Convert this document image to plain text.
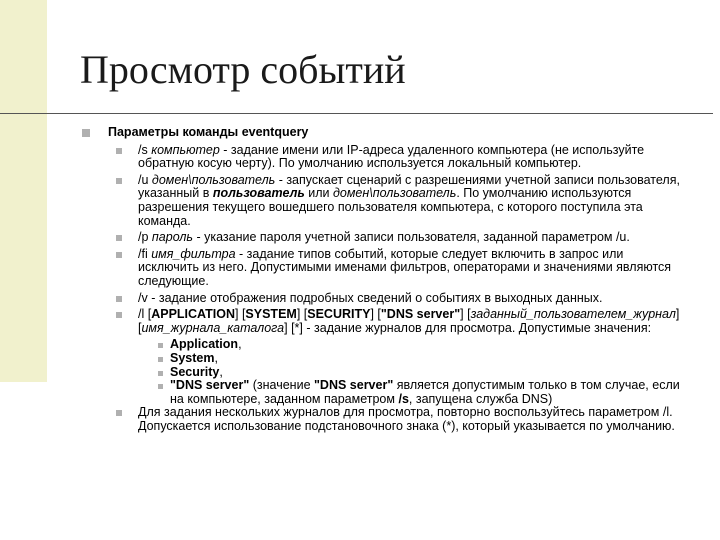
Просмотр событий
Параметры команды eventquery
/s компьютер - задание имени или IP-адреса удаленного компьютера (не используйте обратную косую черту). По умолчанию используется локальный компьютер.
/u домен\пользователь - запускает сценарий с разрешениями учетной записи пользователя, указанный в пользователь или домен\пользователь. По умолчанию используются разрешения текущего вошедшего пользователя компьютера, с которого поступила эта команда.
/p пароль - указание пароля учетной записи пользователя, заданной параметром /u.
/fi имя_фильтра - задание типов событий, которые следует включить в запрос или исключить из него. Допустимыми именами фильтров, операторами и значениями являются следующие.
/v - задание отображения подробных сведений о событиях в выходных данных.
/l [APPLICATION] [SYSTEM] [SECURITY] ["DNS server"] [заданный_пользователем_журнал] [имя_журнала_каталога] [*] - задание журналов для просмотра. Допустимые значения:
Application,
System,
Security,
"DNS server" (значение "DNS server" является допустимым только в том случае, если на компьютере, заданном параметром /s, запущена служба DNS)
Для задания нескольких журналов для просмотра, повторно воспользуйтесь параметром /l. Допускается использование подстановочного знака (*), который указывается по умолчанию.
